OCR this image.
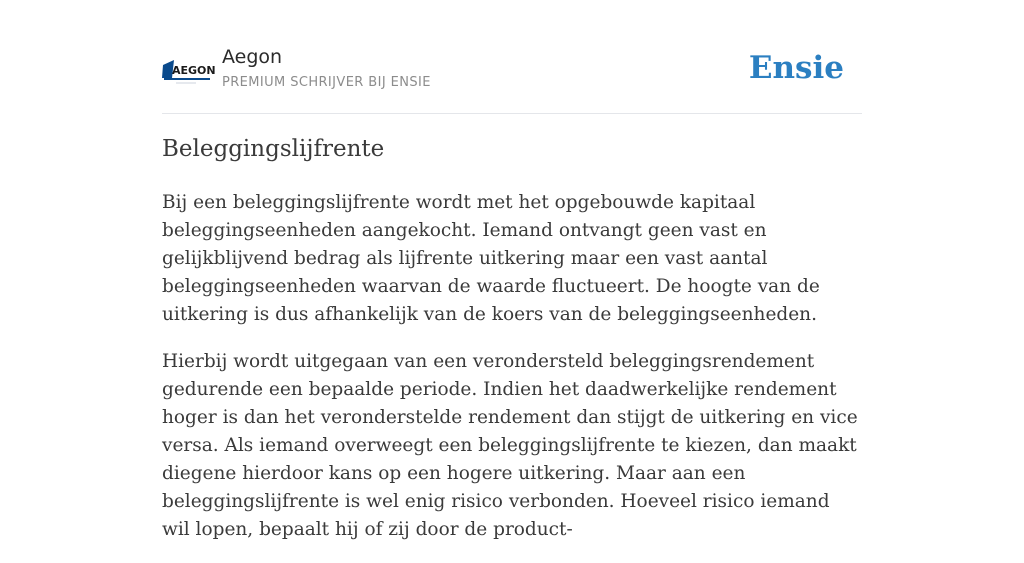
AEGON
Aegon
PREMIUM SCHRIJVER BIJ ENSIE	Ensie
Beleggingslijfrente

Bij een beleggingslijfrente wordt met het opgebouwde kapitaal beleggingseenheden aangekocht. Iemand ontvangt geen vast en gelijkblijvend bedrag als lijfrente uitkering maar een vast aantal beleggingseenheden waarvan de waarde fluctueert. De hoogte van de uitkering is dus afhankelijk van de koers van de beleggingseenheden.

Hierbij wordt uitgegaan van een verondersteld beleggingsrendement gedurende een bepaalde periode. Indien het daadwerkelijke rendement hoger is dan het veronderstelde rendement dan stijgt de uitkering en vice versa. Als iemand overweegt een beleggingslijfrente te kiezen, dan maakt diegene hierdoor kans op een hogere uitkering. Maar aan een beleggingslijfrente is wel enig risico verbonden. Hoeveel risico iemand wil lopen, bepaalt hij of zij door de product-
